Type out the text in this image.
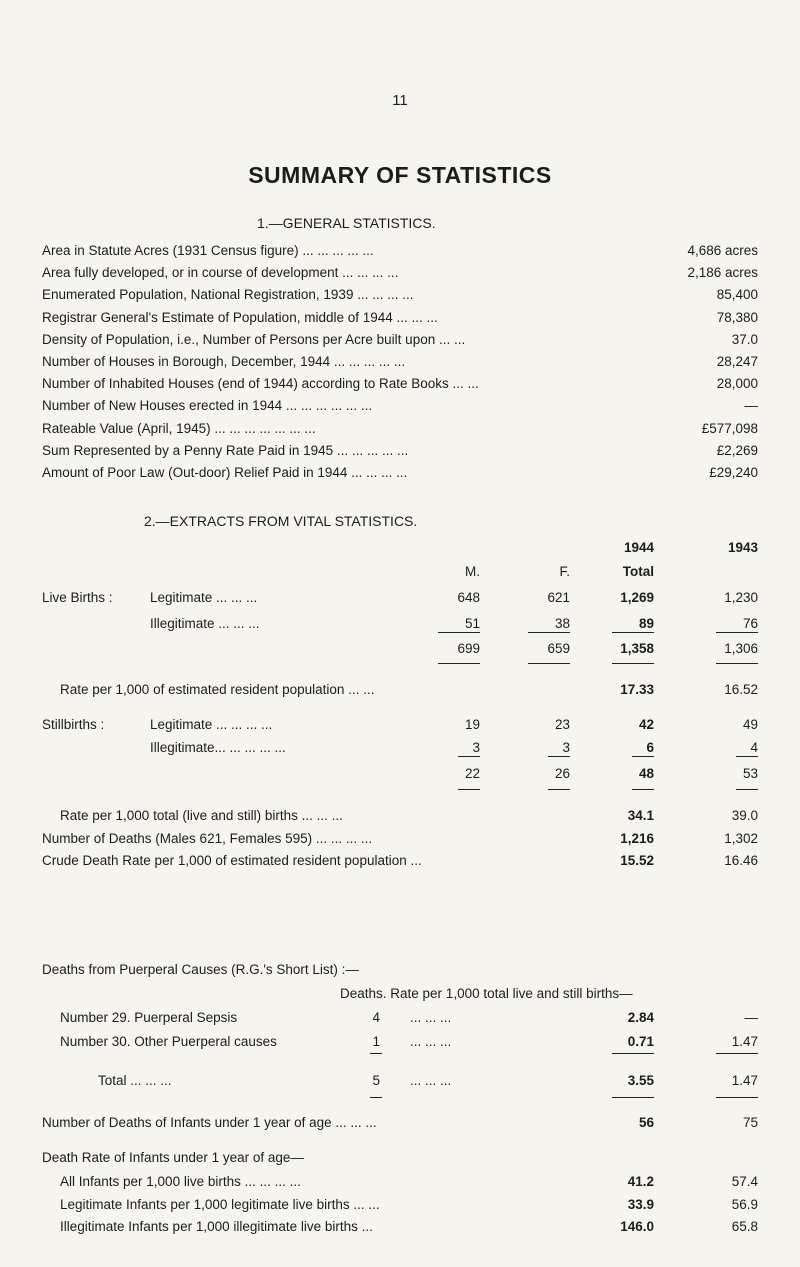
11
SUMMARY OF STATISTICS
1.—GENERAL STATISTICS.
Area in Statute Acres (1931 Census figure) ... ... ... ... ...	4,686 acres
Area fully developed, or in course of development ... ... ... ...	2,186 acres
Enumerated Population, National Registration, 1939 ... ... ... ...	85,400
Registrar General's Estimate of Population, middle of 1944 ... ... ...	78,380
Density of Population, i.e., Number of Persons per Acre built upon ... ...	37.0
Number of Houses in Borough, December, 1944 ... ... ... ... ...	28,247
Number of Inhabited Houses (end of 1944) according to Rate Books ... ...	28,000
Number of New Houses erected in 1944 ... ... ... ... ... ...	—
Rateable Value (April, 1945) ... ... ... ... ... ... ...	£577,098
Sum Represented by a Penny Rate Paid in 1945 ... ... ... ... ...	£2,269
Amount of Poor Law (Out-door) Relief Paid in 1944 ... ... ... ...	£29,240
2.—EXTRACTS FROM VITAL STATISTICS.
1944	1943
M.	F.	Total
Live Births :	Legitimate ... ... ...	648	621	1,269	1,230
Illegitimate ... ... ...	51	38	89	76
699	659	1,358	1,306
Rate per 1,000 of estimated resident population ... ...	17.33	16.52
Stillbirths :	Legitimate ... ... ... ...	19	23	42	49
Illegitimate... ... ... ... ...	3	3	6	4
22	26	48	53
Rate per 1,000 total (live and still) births ... ... ...	34.1	39.0
Number of Deaths (Males 621, Females 595) ... ... ... ...	1,216	1,302
Crude Death Rate per 1,000 of estimated resident population ...	15.52	16.46
Deaths from Puerperal Causes (R.G.'s Short List) :—
Deaths. Rate per 1,000 total live and still births—
Number 29. Puerperal Sepsis	4 ... ... ...	2.84	—
Number 30. Other Puerperal causes	1 ... ... ...	0.71	1.47
Total ... ... ...	5 ... ... ...	3.55	1.47
Number of Deaths of Infants under 1 year of age ... ... ...	56	75
Death Rate of Infants under 1 year of age—
All Infants per 1,000 live births ... ... ... ...	41.2	57.4
Legitimate Infants per 1,000 legitimate live births ... ...	33.9	56.9
Illegitimate Infants per 1,000 illegitimate live births ...	146.0	65.8
